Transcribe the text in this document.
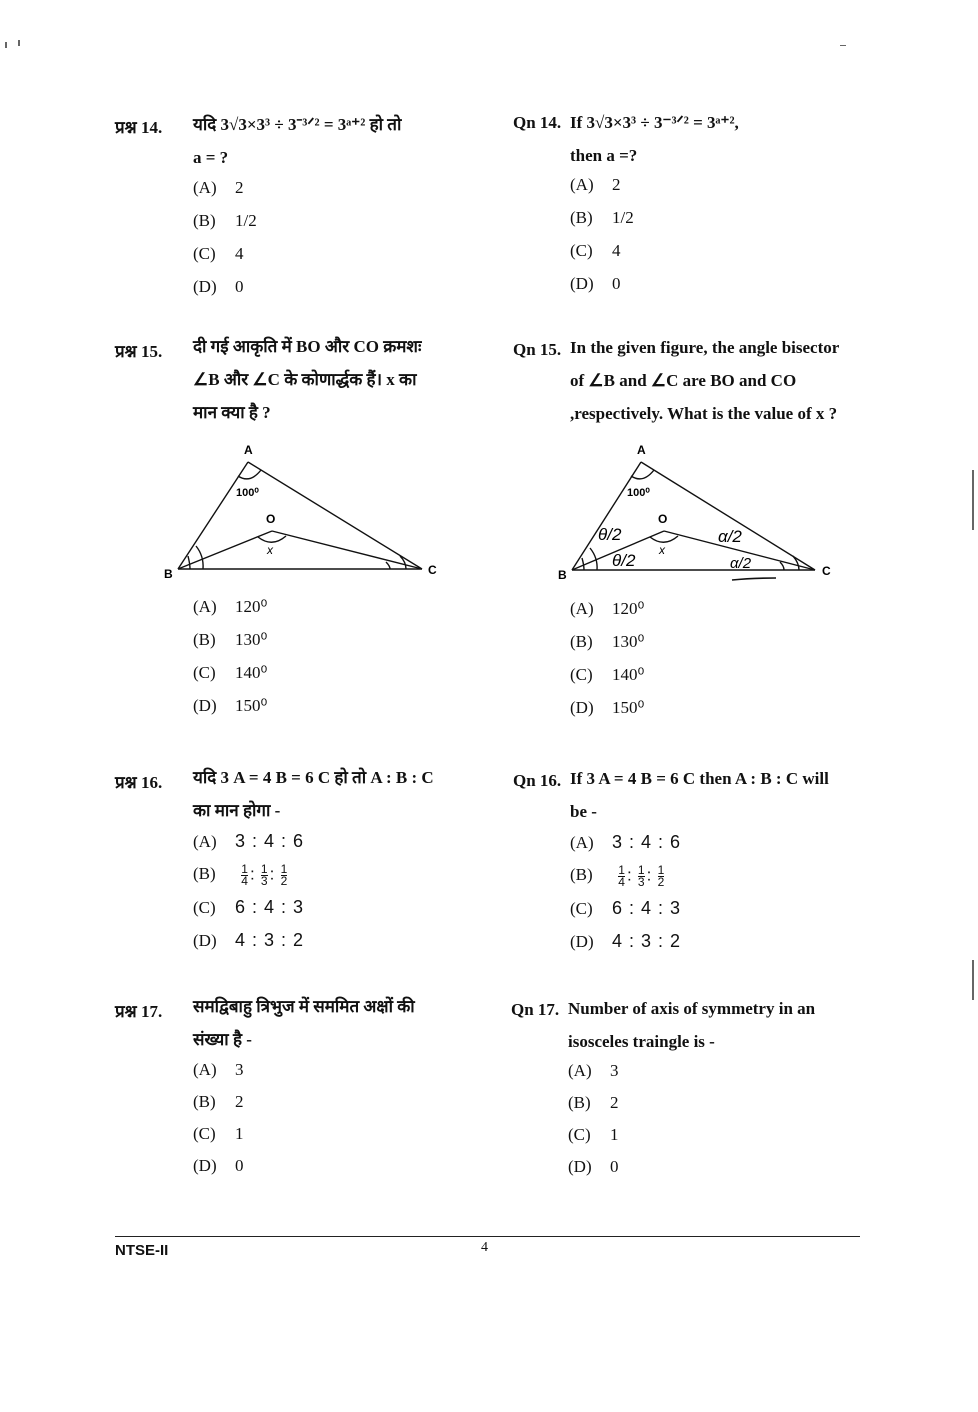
प्रश्न 14. यदि 3√3×3³ ÷ 3⁻³ᐟ² = 3ᵃ⁺² हो तो
a = ?
(A) 2
(B) 1/2
(C) 4
(D) 0
Qn 14. If 3√3×3³ ÷ 3⁻³ᐟ² = 3ᵃ⁺²,
then a =?
(A) 2
(B) 1/2
(C) 4
(D) 0
प्रश्न 15. दी गई आकृति में BO और CO क्रमशः
∠B और ∠C के कोणार्द्धक हैं। x का
मान क्या है ?
A
B	C
O
x
100⁰
(A) 120⁰
(B) 130⁰
(C) 140⁰
(D) 150⁰
Qn 15. In the given figure, the angle bisector
of ∠B and ∠C are BO and CO
,respectively. What is the value of x ?
A
B	C
O
x
100⁰
θ/2
θ/2
α/2
α/2
(A) 120⁰
(B) 130⁰
(C) 140⁰
(D) 150⁰
प्रश्न 16. यदि 3 A = 4 B = 6 C हो तो A : B : C
का मान होगा -
(A) 3 : 4 : 6
$(B) \frac{1}{4}$ : $\frac{1}{3}$ : $\frac{1}{2}$
(C) 6 : 4 : 3
(D) 4 : 3 : 2
Qn 16. If 3 A = 4 B = 6 C then A : B : C will
be -
(A) 3 : 4 : 6
$(B) \frac{1}{4}$ : $\frac{1}{3}$ : $\frac{1}{2}$
(C) 6 : 4 : 3
(D) 4 : 3 : 2
प्रश्न 17. समद्विबाहु त्रिभुज में सममित अक्षों की
संख्या है -
(A) 3
(B) 2
(C) 1
(D) 0
Qn 17. Number of axis of symmetry in an
isosceles traingle is -
(A) 3
(B) 2
(C) 1
(D) 0
NTSE-II	4
